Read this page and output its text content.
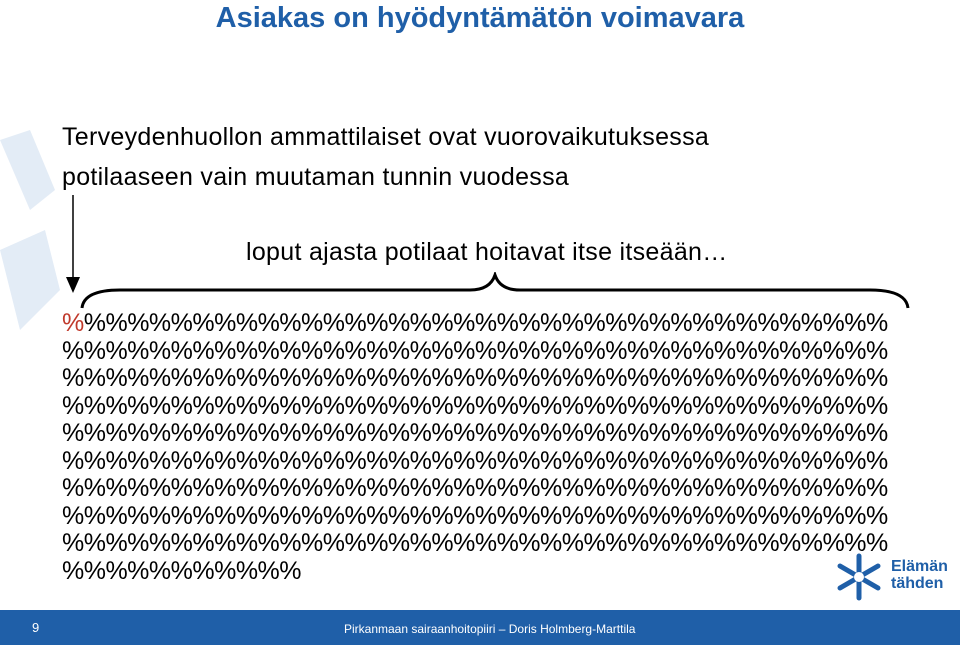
Asiakas on hyödyntämätön voimavara
Terveydenhuollon ammattilaiset ovat vuorovaikutuksessa
potilaaseen vain muutaman tunnin vuodessa
loput ajasta potilaat hoitavat itse itseään…
%%%%%%%%%%%%%%%%%%%%%%%%%%%%%%%%%%%%%%%%%%%%%%%%%%%%%%%%%%%%%%%%%%%%%%%%%%%%%%%%%%%%%%%%%%%%%%%%%%%%%%%%%%%%%%%%%%%%%%%%%%%%%%%%%%%%%%%%%%%%%%%%%%%%%%%%%%%%%%%%%%%%%%%%%%%%%%%%%%%%%%%%%%%%%%%%%%%%%%%%%%%%%%%%%%%%%%%%%%%%%%%%%%%%%%%%%%%%%%%%%%%%%%%%%%%%%%%%%%%%%%%%%%%%%%%%%%%%%%%%%%%%%%%%%%%%%%%%%%%%%%%%%%%%%%%%%%%%%%%%%%%%%%%%%%%%%%%%%%%%%%%%%%%%%%%%%	Elämän
tähden
9	Pirkanmaan sairaanhoitopiiri – Doris Holmberg-Marttila
